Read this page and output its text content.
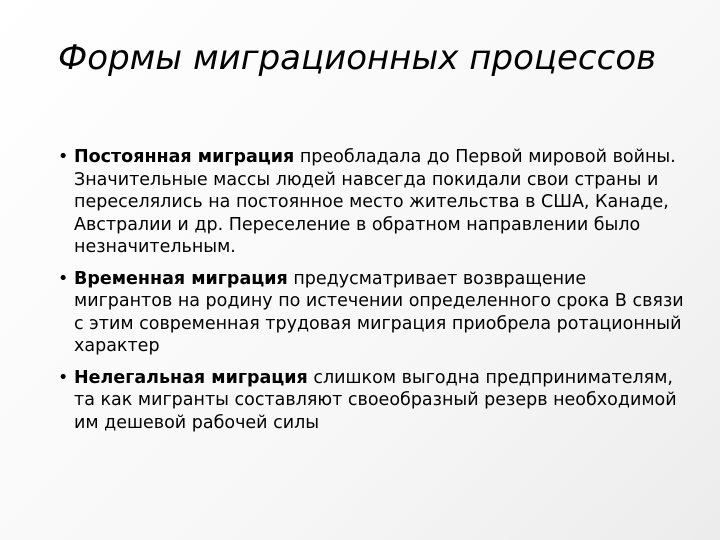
Формы миграционных процессов
• Постоянная миграция преобладала до Первой мировой войны. Значительные массы людей навсегда покидали свои страны и переселялись на постоянное место жительства в США, Канаде, Австралии и др. Переселение в обратном направлении было незначительным.
• Временная миграция предусматривает возвращение мигрантов на родину по истечении определенного срока В связи с этим современная трудовая миграция приобрела ротационный характер
• Нелегальная миграция слишком выгодна предпринимателям, та как мигранты составляют своеобразный резерв необходимой им дешевой рабочей силы
